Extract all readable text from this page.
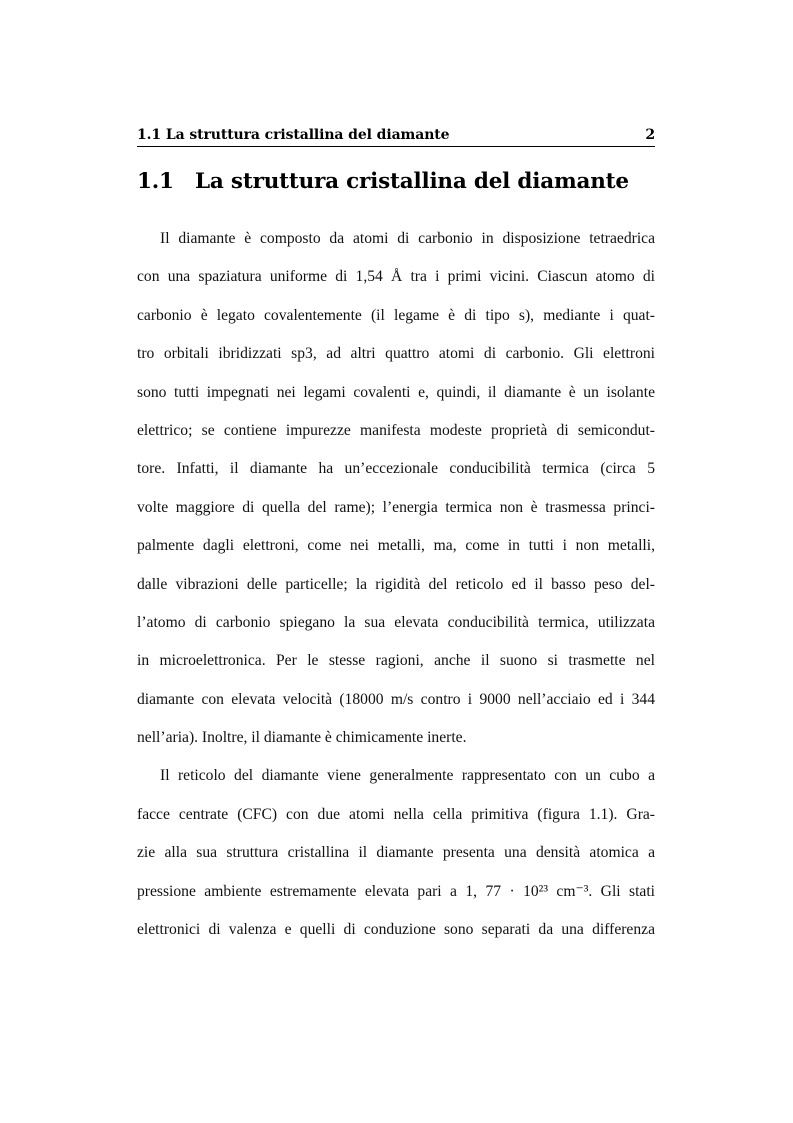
1.1 La struttura cristallina del diamante	2
1.1 La struttura cristallina del diamante
Il diamante è composto da atomi di carbonio in disposizione tetraedrica
con una spaziatura uniforme di 1,54 Å tra i primi vicini. Ciascun atomo di
carbonio è legato covalentemente (il legame è di tipo s), mediante i quat-
tro orbitali ibridizzati sp3, ad altri quattro atomi di carbonio. Gli elettroni
sono tutti impegnati nei legami covalenti e, quindi, il diamante è un isolante
elettrico; se contiene impurezze manifesta modeste proprietà di semicondut-
tore. Infatti, il diamante ha un’eccezionale conducibilità termica (circa 5
volte maggiore di quella del rame); l’energia termica non è trasmessa princi-
palmente dagli elettroni, come nei metalli, ma, come in tutti i non metalli,
dalle vibrazioni delle particelle; la rigidità del reticolo ed il basso peso del-
l’atomo di carbonio spiegano la sua elevata conducibilità termica, utilizzata
in microelettronica. Per le stesse ragioni, anche il suono si trasmette nel
diamante con elevata velocità (18000 m/s contro i 9000 nell’acciaio ed i 344
nell’aria). Inoltre, il diamante è chimicamente inerte.
Il reticolo del diamante viene generalmente rappresentato con un cubo a
facce centrate (CFC) con due atomi nella cella primitiva (figura 1.1). Gra-
zie alla sua struttura cristallina il diamante presenta una densità atomica a
pressione ambiente estremamente elevata pari a 1, 77 · 10²³ cm⁻³. Gli stati
elettronici di valenza e quelli di conduzione sono separati da una differenza
